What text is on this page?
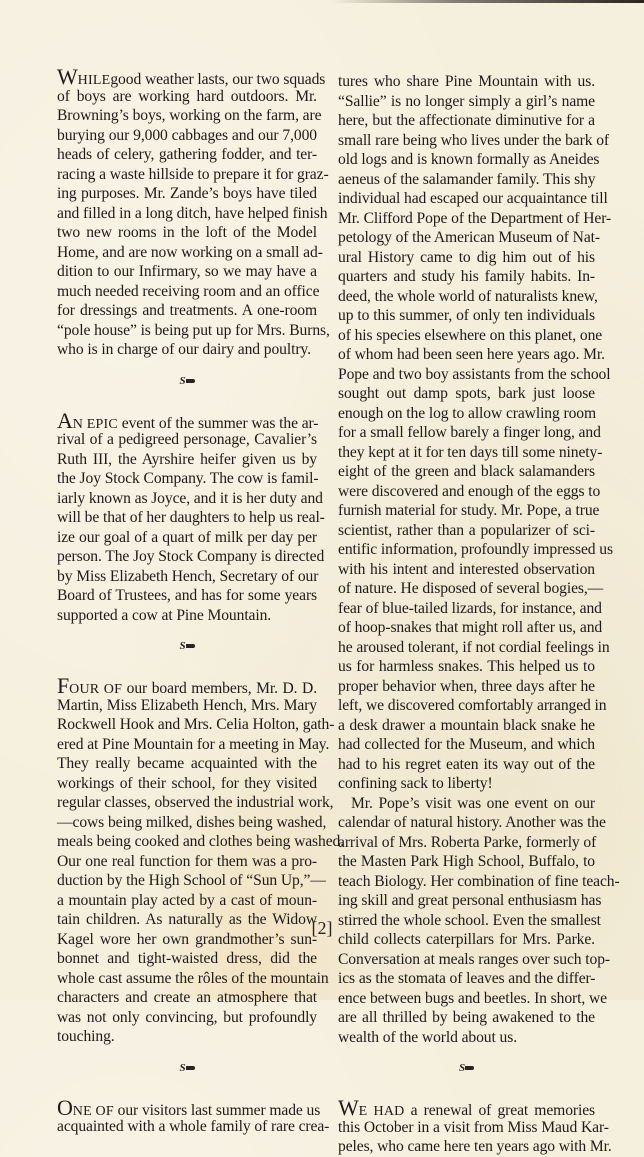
WHILEgood weather lasts, our two squads
of boys are working hard outdoors. Mr.
Browning’s boys, working on the farm, are
burying our 9,000 cabbages and our 7,000
heads of celery, gathering fodder, and ter-
racing a waste hillside to prepare it for graz-
ing purposes. Mr. Zande’s boys have tiled
and filled in a long ditch, have helped finish
two new rooms in the loft of the Model
Home, and are now working on a small ad-
dition to our Infirmary, so we may have a
much needed receiving room and an office
for dressings and treatments. A one-room
“pole house” is being put up for Mrs. Burns,
who is in charge of our dairy and poultry.
S
AN EPIC event of the summer was the ar-
rival of a pedigreed personage, Cavalier’s
Ruth III, the Ayrshire heifer given us by
the Joy Stock Company. The cow is famil-
iarly known as Joyce, and it is her duty and
will be that of her daughters to help us real-
ize our goal of a quart of milk per day per
person. The Joy Stock Company is directed
by Miss Elizabeth Hench, Secretary of our
Board of Trustees, and has for some years
supported a cow at Pine Mountain.
S
FOUR OF our board members, Mr. D. D.
Martin, Miss Elizabeth Hench, Mrs. Mary
Rockwell Hook and Mrs. Celia Holton, gath-
ered at Pine Mountain for a meeting in May.
They really became acquainted with the
workings of their school, for they visited
regular classes, observed the industrial work,
—cows being milked, dishes being washed,
meals being cooked and clothes being washed.
Our one real function for them was a pro-
duction by the High School of “Sun Up,”—
a mountain play acted by a cast of moun-
tain children. As naturally as the Widow
Kagel wore her own grandmother’s sun-
bonnet and tight-waisted dress, did the
whole cast assume the rôles of the mountain
characters and create an atmosphere that
was not only convincing, but profoundly
touching.
S
ONE OF our visitors last summer made us
acquainted with a whole family of rare crea-
tures who share Pine Mountain with us.
“Sallie” is no longer simply a girl’s name
here, but the affectionate diminutive for a
small rare being who lives under the bark of
old logs and is known formally as Aneides
aeneus of the salamander family. This shy
individual had escaped our acquaintance till
Mr. Clifford Pope of the Department of Her-
petology of the American Museum of Nat-
ural History came to dig him out of his
quarters and study his family habits. In-
deed, the whole world of naturalists knew,
up to this summer, of only ten individuals
of his species elsewhere on this planet, one
of whom had been seen here years ago. Mr.
Pope and two boy assistants from the school
sought out damp spots, bark just loose
enough on the log to allow crawling room
for a small fellow barely a finger long, and
they kept at it for ten days till some ninety-
eight of the green and black salamanders
were discovered and enough of the eggs to
furnish material for study. Mr. Pope, a true
scientist, rather than a popularizer of sci-
entific information, profoundly impressed us
with his intent and interested observation
of nature. He disposed of several bogies,—
fear of blue-tailed lizards, for instance, and
of hoop-snakes that might roll after us, and
he aroused tolerant, if not cordial feelings in
us for harmless snakes. This helped us to
proper behavior when, three days after he
left, we discovered comfortably arranged in
a desk drawer a mountain black snake he
had collected for the Museum, and which
had to his regret eaten its way out of the
confining sack to liberty!
Mr. Pope’s visit was one event on our
calendar of natural history. Another was the
arrival of Mrs. Roberta Parke, formerly of
the Masten Park High School, Buffalo, to
teach Biology. Her combination of fine teach-
ing skill and great personal enthusiasm has
stirred the whole school. Even the smallest
child collects caterpillars for Mrs. Parke.
Conversation at meals ranges over such top-
ics as the stomata of leaves and the differ-
ence between bugs and beetles. In short, we
are all thrilled by being awakened to the
wealth of the world about us.
S
WE HAD a renewal of great memories
this October in a visit from Miss Maud Kar-
peles, who came here ten years ago with Mr.
[2]
